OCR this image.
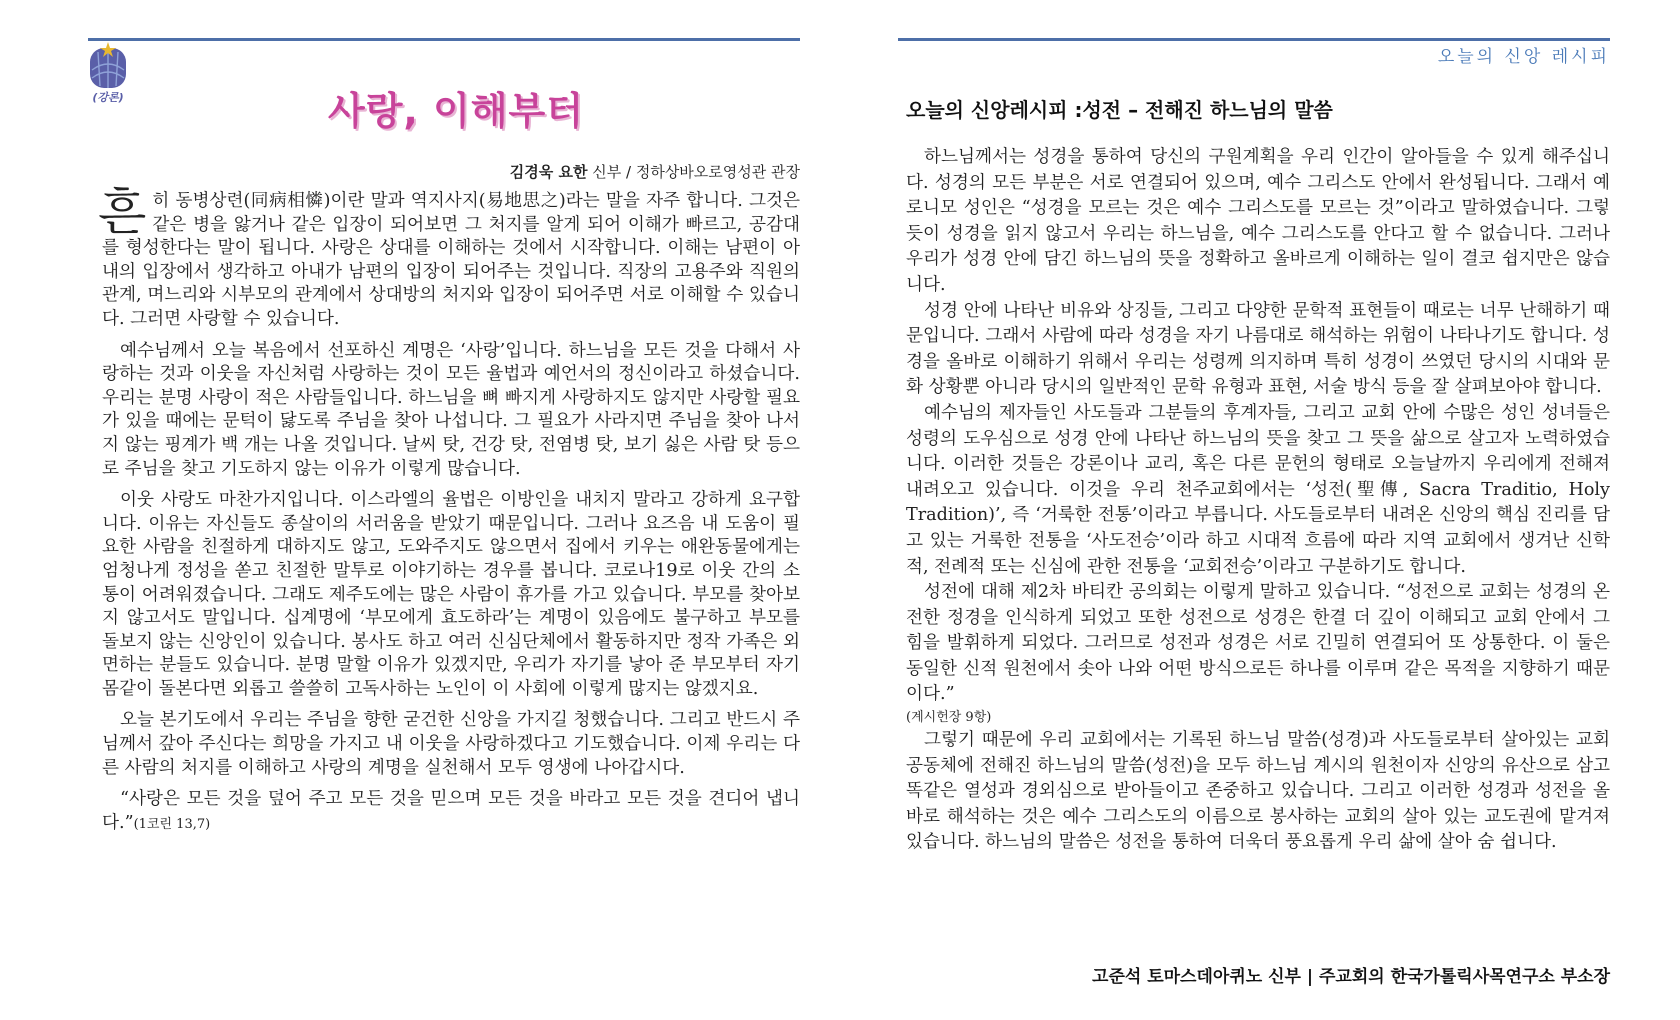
(강론)	사랑, 이해부터
김경욱 요한 신부 / 정하상바오로영성관 관장

흔히 동병상련(同病相憐)이란 말과 역지사지(易地思之)라는 말을 자주 합니다. 그것은 같은 병을 앓거나 같은 입장이 되어보면 그 처지를 알게 되어 이해가 빠르고, 공감대를 형성한다는 말이 됩니다. 사랑은 상대를 이해하는 것에서 시작합니다. 이해는 남편이 아내의 입장에서 생각하고 아내가 남편의 입장이 되어주는 것입니다. 직장의 고용주와 직원의 관계, 며느리와 시부모의 관계에서 상대방의 처지와 입장이 되어주면 서로 이해할 수 있습니다. 그러면 사랑할 수 있습니다.

예수님께서 오늘 복음에서 선포하신 계명은 ‘사랑’입니다. 하느님을 모든 것을 다해서 사랑하는 것과 이웃을 자신처럼 사랑하는 것이 모든 율법과 예언서의 정신이라고 하셨습니다. 우리는 분명 사랑이 적은 사람들입니다. 하느님을 뼈 빠지게 사랑하지도 않지만 사랑할 필요가 있을 때에는 문턱이 닳도록 주님을 찾아 나섭니다. 그 필요가 사라지면 주님을 찾아 나서지 않는 핑계가 백 개는 나올 것입니다. 날씨 탓, 건강 탓, 전염병 탓, 보기 싫은 사람 탓 등으로 주님을 찾고 기도하지 않는 이유가 이렇게 많습니다.

이웃 사랑도 마찬가지입니다. 이스라엘의 율법은 이방인을 내치지 말라고 강하게 요구합니다. 이유는 자신들도 종살이의 서러움을 받았기 때문입니다. 그러나 요즈음 내 도움이 필요한 사람을 친절하게 대하지도 않고, 도와주지도 않으면서 집에서 키우는 애완동물에게는 엄청나게 정성을 쏟고 친절한 말투로 이야기하는 경우를 봅니다. 코로나19로 이웃 간의 소통이 어려워졌습니다. 그래도 제주도에는 많은 사람이 휴가를 가고 있습니다. 부모를 찾아보지 않고서도 말입니다. 십계명에 ‘부모에게 효도하라’는 계명이 있음에도 불구하고 부모를 돌보지 않는 신앙인이 있습니다. 봉사도 하고 여러 신심단체에서 활동하지만 정작 가족은 외면하는 분들도 있습니다. 분명 말할 이유가 있겠지만, 우리가 자기를 낳아 준 부모부터 자기 몸같이 돌본다면 외롭고 쓸쓸히 고독사하는 노인이 이 사회에 이렇게 많지는 않겠지요.

오늘 본기도에서 우리는 주님을 향한 굳건한 신앙을 가지길 청했습니다. 그리고 반드시 주님께서 갚아 주신다는 희망을 가지고 내 이웃을 사랑하겠다고 기도했습니다. 이제 우리는 다른 사람의 처지를 이해하고 사랑의 계명을 실천해서 모두 영생에 나아갑시다.

“사랑은 모든 것을 덮어 주고 모든 것을 믿으며 모든 것을 바라고 모든 것을 견디어 냅니다.”(1코린 13,7)

오늘의 신앙 레시피
오늘의 신앙레시피 :성전 – 전해진 하느님의 말씀

하느님께서는 성경을 통하여 당신의 구원계획을 우리 인간이 알아들을 수 있게 해주십니다. 성경의 모든 부분은 서로 연결되어 있으며, 예수 그리스도 안에서 완성됩니다. 그래서 예로니모 성인은 “성경을 모르는 것은 예수 그리스도를 모르는 것”이라고 말하였습니다. 그렇듯이 성경을 읽지 않고서 우리는 하느님을, 예수 그리스도를 안다고 할 수 없습니다. 그러나 우리가 성경 안에 담긴 하느님의 뜻을 정확하고 올바르게 이해하는 일이 결코 쉽지만은 않습니다.

성경 안에 나타난 비유와 상징들, 그리고 다양한 문학적 표현들이 때로는 너무 난해하기 때문입니다. 그래서 사람에 따라 성경을 자기 나름대로 해석하는 위험이 나타나기도 합니다. 성경을 올바로 이해하기 위해서 우리는 성령께 의지하며 특히 성경이 쓰였던 당시의 시대와 문화 상황뿐 아니라 당시의 일반적인 문학 유형과 표현, 서술 방식 등을 잘 살펴보아야 합니다.

예수님의 제자들인 사도들과 그분들의 후계자들, 그리고 교회 안에 수많은 성인 성녀들은 성령의 도우심으로 성경 안에 나타난 하느님의 뜻을 찾고 그 뜻을 삶으로 살고자 노력하였습니다. 이러한 것들은 강론이나 교리, 혹은 다른 문헌의 형태로 오늘날까지 우리에게 전해져 내려오고 있습니다. 이것을 우리 천주교회에서는 ‘성전(聖傳, Sacra Traditio, Holy Tradition)’, 즉 ‘거룩한 전통’이라고 부릅니다. 사도들로부터 내려온 신앙의 핵심 진리를 담고 있는 거룩한 전통을 ‘사도전승’이라 하고 시대적 흐름에 따라 지역 교회에서 생겨난 신학적, 전례적 또는 신심에 관한 전통을 ‘교회전승’이라고 구분하기도 합니다.

성전에 대해 제2차 바티칸 공의회는 이렇게 말하고 있습니다. “성전으로 교회는 성경의 온전한 정경을 인식하게 되었고 또한 성전으로 성경은 한결 더 깊이 이해되고 교회 안에서 그 힘을 발휘하게 되었다. 그러므로 성전과 성경은 서로 긴밀히 연결되어 또 상통한다. 이 둘은 동일한 신적 원천에서 솟아 나와 어떤 방식으로든 하나를 이루며 같은 목적을 지향하기 때문이다.”

(계시헌장 9항)

그렇기 때문에 우리 교회에서는 기록된 하느님 말씀(성경)과 사도들로부터 살아있는 교회 공동체에 전해진 하느님의 말씀(성전)을 모두 하느님 계시의 원천이자 신앙의 유산으로 삼고 똑같은 열성과 경외심으로 받아들이고 존중하고 있습니다. 그리고 이러한 성경과 성전을 올바로 해석하는 것은 예수 그리스도의 이름으로 봉사하는 교회의 살아 있는 교도권에 맡겨져 있습니다. 하느님의 말씀은 성전을 통하여 더욱더 풍요롭게 우리 삶에 살아 숨 쉽니다.

고준석 토마스데아퀴노 신부 | 주교회의 한국가톨릭사목연구소 부소장
